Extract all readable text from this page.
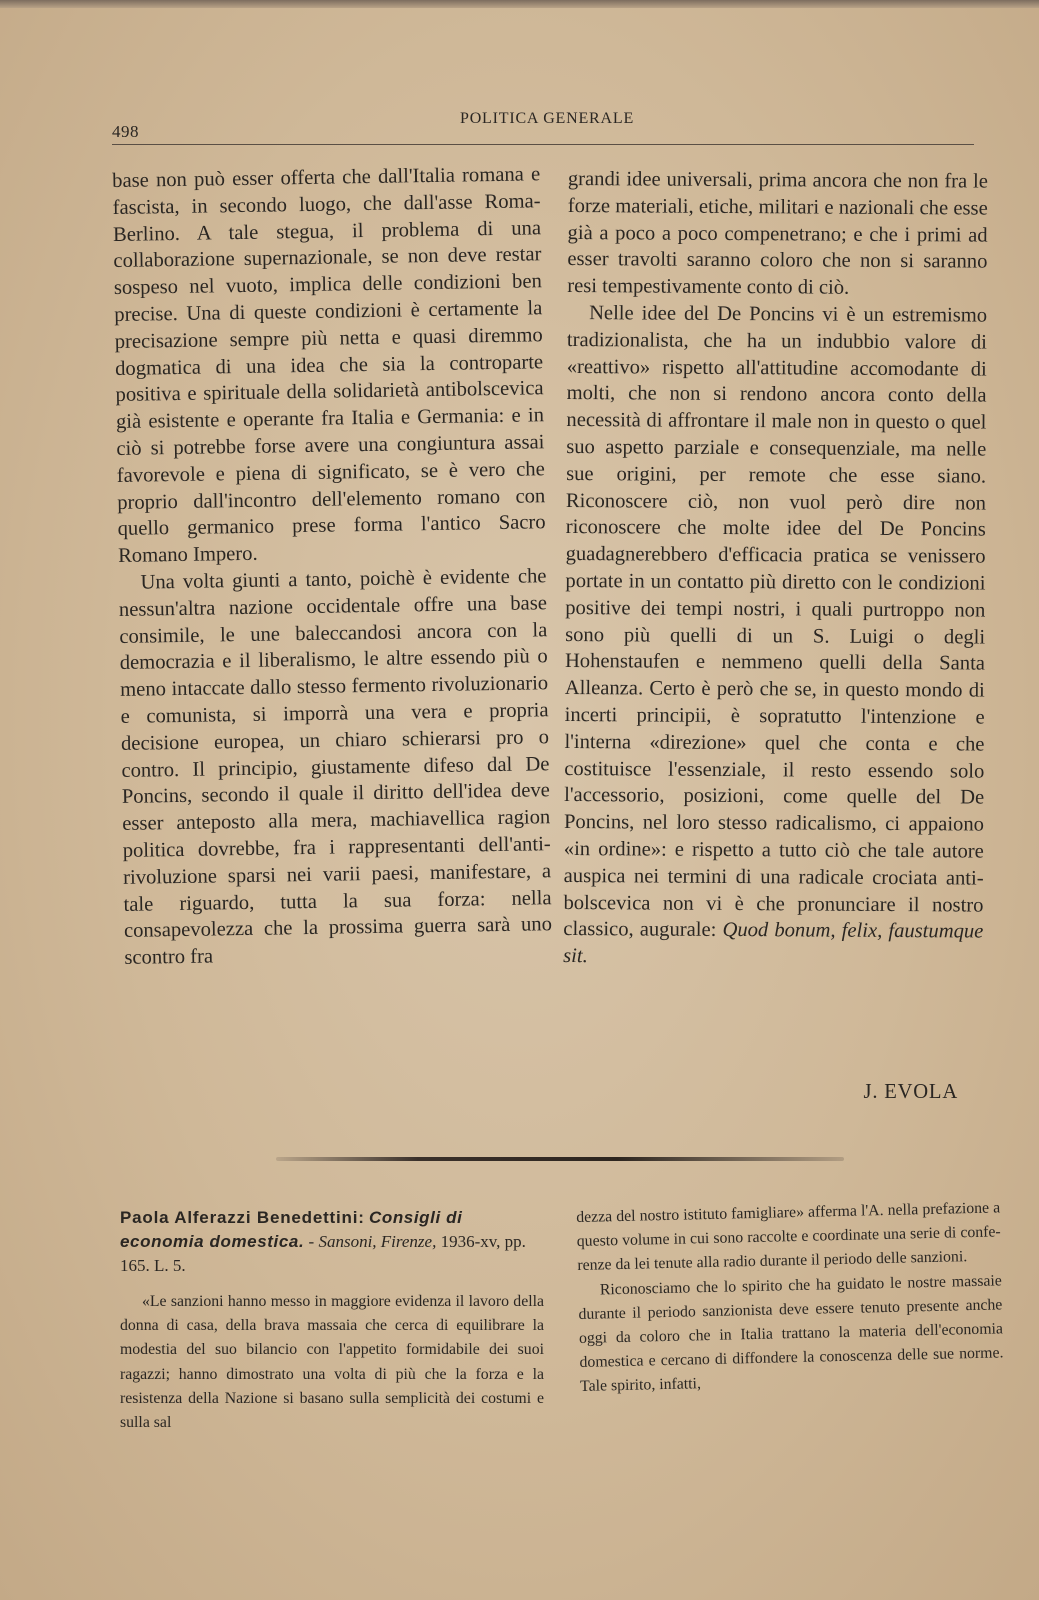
498
POLITICA GENERALE

base non può esser offerta che dall'Italia romana e fascista, in secondo luogo, che dall'asse Roma-Berlino. A tale stegua, il problema di una collaborazione supernazionale, se non deve restar sospeso nel vuoto, implica delle condizioni ben precise. Una di queste condizioni è certamente la precisazione sempre più netta e quasi diremmo dogmatica di una idea che sia la controparte positiva e spirituale della solidarietà antibolscevica già esistente e operante fra Italia e Germania: e in ciò si potrebbe forse avere una congiuntura assai favorevole e piena di significato, se è vero che proprio dall'incontro dell'elemento romano con quello germanico prese forma l'antico Sacro Romano Impero.

Una volta giunti a tanto, poichè è evidente che nessun'altra nazione occidentale offre una base consimile, le une baleccandosi ancora con la democrazia e il liberalismo, le altre essendo più o meno intaccate dallo stesso fermento rivoluzionario e comunista, si imporrà una vera e propria decisione europea, un chiaro schierarsi pro o contro. Il principio, giustamente difeso dal De Poncins, secondo il quale il diritto dell'idea deve esser anteposto alla mera, machiavellica ragion politica dovrebbe, fra i rappresentanti dell'anti-rivoluzione sparsi nei varii paesi, manifestare, a tale riguardo, tutta la sua forza: nella consapevolezza che la prossima guerra sarà uno scontro fra

grandi idee universali, prima ancora che non fra le forze materiali, etiche, militari e nazionali che esse già a poco a poco compenetrano; e che i primi ad esser travolti saranno coloro che non si saranno resi tempestivamente conto di ciò.

Nelle idee del De Poncins vi è un estremismo tradizionalista, che ha un indubbio valore di «reattivo» rispetto all'attitudine accomodante di molti, che non si rendono ancora conto della necessità di affrontare il male non in questo o quel suo aspetto parziale e consequenziale, ma nelle sue origini, per remote che esse siano. Riconoscere ciò, non vuol però dire non riconoscere che molte idee del De Poncins guadagnerebbero d'efficacia pratica se venissero portate in un contatto più diretto con le condizioni positive dei tempi nostri, i quali purtroppo non sono più quelli di un S. Luigi o degli Hohenstaufen e nemmeno quelli della Santa Alleanza. Certo è però che se, in questo mondo di incerti principii, è sopratutto l'intenzione e l'interna «direzione» quel che conta e che costituisce l'essenziale, il resto essendo solo l'accessorio, posizioni, come quelle del De Poncins, nel loro stesso radicalismo, ci appaiono «in ordine»: e rispetto a tutto ciò che tale autore auspica nei termini di una radicale crociata antibolscevica non vi è che pronunciare il nostro classico, augurale: Quod bonum, felix, faustumque sit.

J. EVOLA
Paola Alferazzi Benedettini: Consigli di economia domestica. - Sansoni, Firenze, 1936-xv, pp. 165. L. 5.

«Le sanzioni hanno messo in maggiore evidenza il lavoro della donna di casa, della brava massaia che cerca di equilibrare la modestia del suo bilancio con l'appetito formidabile dei suoi ragazzi; hanno dimostrato una volta di più che la forza e la resistenza della Nazione si basano sulla semplicità dei costumi e sulla sal

dezza del nostro istituto famigliare» afferma l'A. nella prefazione a questo volume in cui sono raccolte e coordinate una serie di conferenze da lei tenute alla radio durante il periodo delle sanzioni.

Riconosciamo che lo spirito che ha guidato le nostre massaie durante il periodo sanzionista deve essere tenuto presente anche oggi da coloro che in Italia trattano la materia dell'economia domestica e cercano di diffondere la conoscenza delle sue norme. Tale spirito, infatti,
